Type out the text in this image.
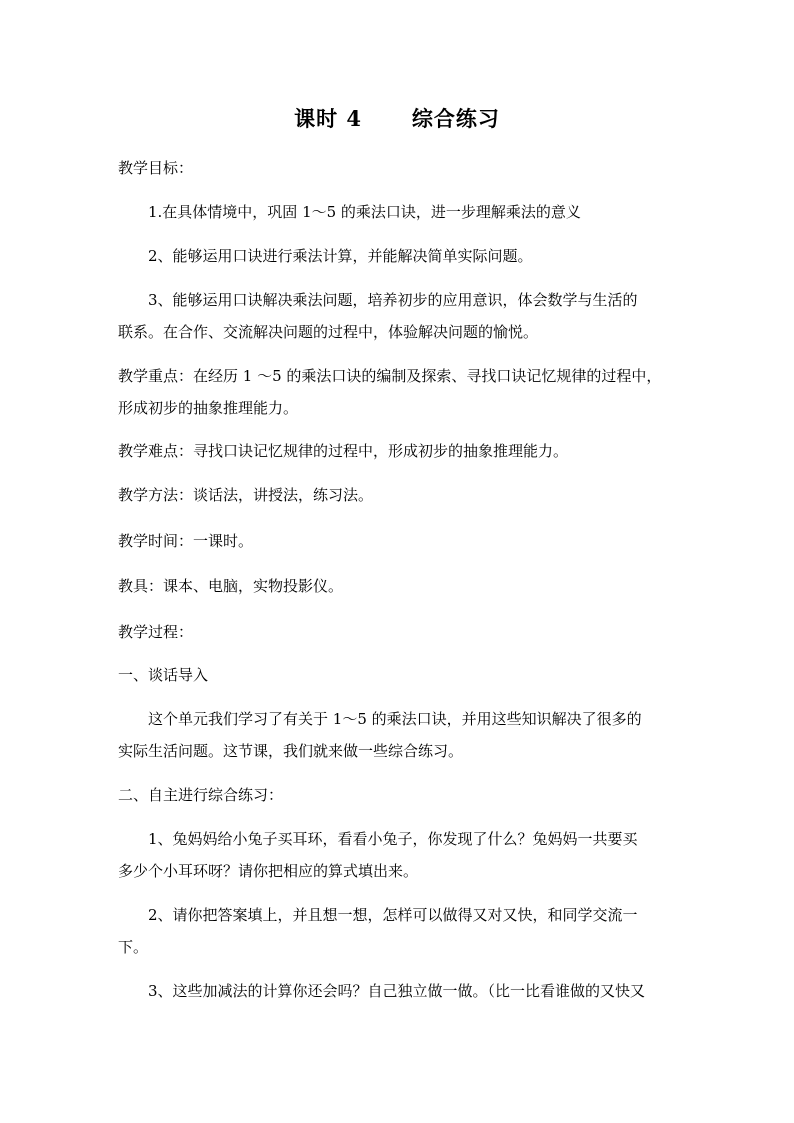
课时 4      综合练习
教学目标：
1.在具体情境中，巩固 1～5 的乘法口诀，进一步理解乘法的意义
2、能够运用口诀进行乘法计算，并能解决简单实际问题。
3、能够运用口诀解决乘法问题，培养初步的应用意识，体会数学与生活的
联系。在合作、交流解决问题的过程中，体验解决问题的愉悦。
教学重点：在经历 1 ～5 的乘法口诀的编制及探索、寻找口诀记忆规律的过程中，
形成初步的抽象推理能力。
教学难点：寻找口诀记忆规律的过程中，形成初步的抽象推理能力。
教学方法：谈话法，讲授法，练习法。
教学时间：一课时。
教具：课本、电脑，实物投影仪。
教学过程：
一、谈话导入
这个单元我们学习了有关于 1～5 的乘法口诀，并用这些知识解决了很多的
实际生活问题。这节课，我们就来做一些综合练习。
二、自主进行综合练习：
1、兔妈妈给小兔子买耳环，看看小兔子，你发现了什么？兔妈妈一共要买
多少个小耳环呀？请你把相应的算式填出来。
2、请你把答案填上，并且想一想，怎样可以做得又对又快，和同学交流一
下。
3、这些加减法的计算你还会吗？自己独立做一做。（比一比看谁做的又快又
